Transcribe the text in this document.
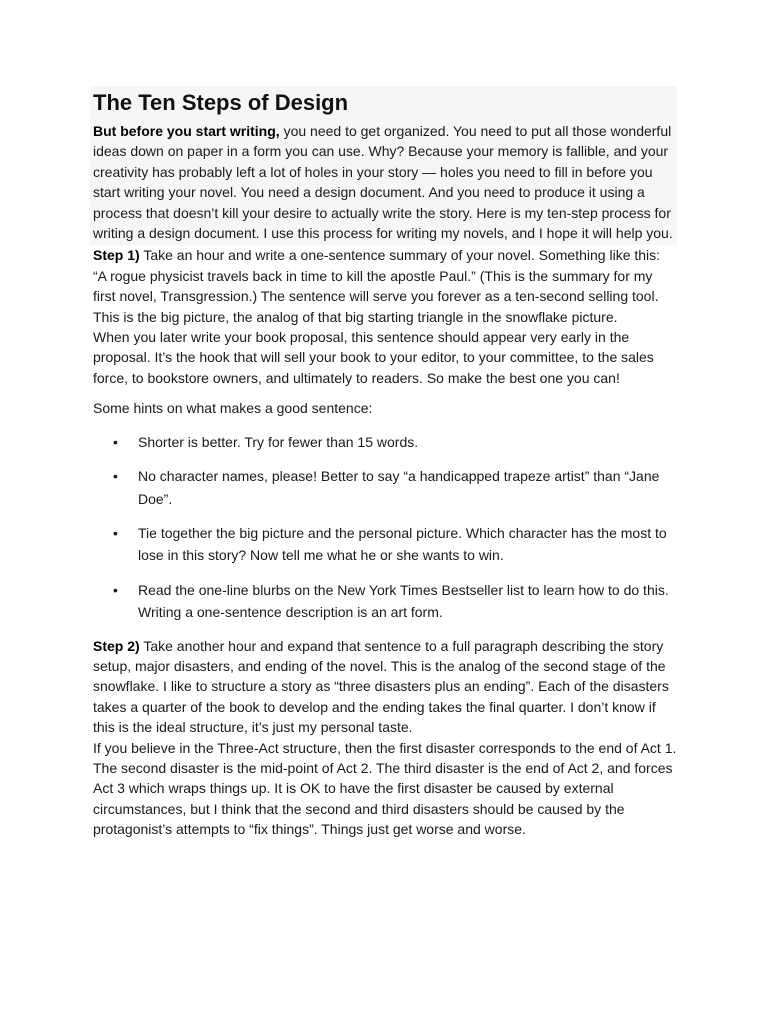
The Ten Steps of Design

But before you start writing, you need to get organized. You need to put all those wonderful ideas down on paper in a form you can use. Why? Because your memory is fallible, and your creativity has probably left a lot of holes in your story — holes you need to fill in before you start writing your novel. You need a design document. And you need to produce it using a process that doesn’t kill your desire to actually write the story. Here is my ten-step process for writing a design document. I use this process for writing my novels, and I hope it will help you.

Step 1) Take an hour and write a one-sentence summary of your novel. Something like this: “A rogue physicist travels back in time to kill the apostle Paul.” (This is the summary for my first novel, Transgression.) The sentence will serve you forever as a ten-second selling tool. This is the big picture, the analog of that big starting triangle in the snowflake picture.

When you later write your book proposal, this sentence should appear very early in the proposal. It’s the hook that will sell your book to your editor, to your committee, to the sales force, to bookstore owners, and ultimately to readers. So make the best one you can!

Some hints on what makes a good sentence:

• Shorter is better. Try for fewer than 15 words.
• No character names, please! Better to say “a handicapped trapeze artist” than “Jane Doe”.
• Tie together the big picture and the personal picture. Which character has the most to lose in this story? Now tell me what he or she wants to win.
• Read the one-line blurbs on the New York Times Bestseller list to learn how to do this. Writing a one-sentence description is an art form.

Step 2) Take another hour and expand that sentence to a full paragraph describing the story setup, major disasters, and ending of the novel. This is the analog of the second stage of the snowflake. I like to structure a story as “three disasters plus an ending”. Each of the disasters takes a quarter of the book to develop and the ending takes the final quarter. I don’t know if this is the ideal structure, it’s just my personal taste.

If you believe in the Three-Act structure, then the first disaster corresponds to the end of Act 1. The second disaster is the mid-point of Act 2. The third disaster is the end of Act 2, and forces Act 3 which wraps things up. It is OK to have the first disaster be caused by external circumstances, but I think that the second and third disasters should be caused by the protagonist’s attempts to “fix things”. Things just get worse and worse.
